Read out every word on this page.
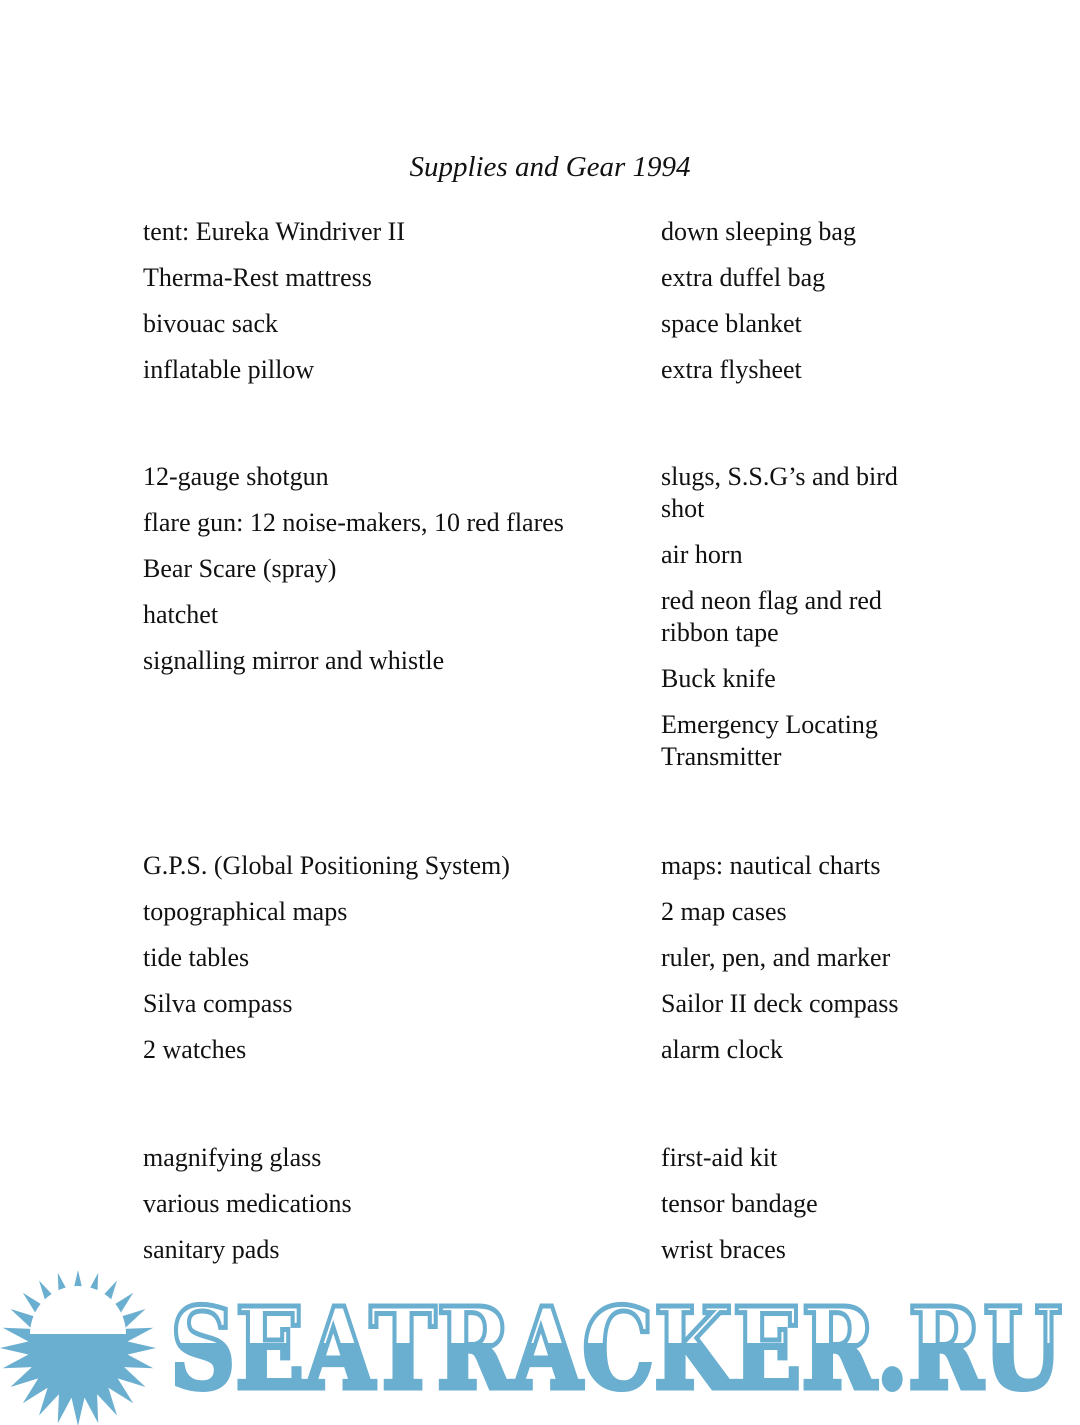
Supplies and Gear 1994
tent: Eureka Windriver II
Therma-Rest mattress
bivouac sack
inflatable pillow
down sleeping bag
extra duffel bag
space blanket
extra flysheet
12-gauge shotgun
flare gun: 12 noise-makers, 10 red flares
Bear Scare (spray)
hatchet
signalling mirror and whistle
slugs, S.S.G’s and bird shot
air horn
red neon flag and red ribbon tape
Buck knife
Emergency Locating Transmitter
G.P.S. (Global Positioning System)
topographical maps
tide tables
Silva compass
2 watches
maps: nautical charts
2 map cases
ruler, pen, and marker
Sailor II deck compass
alarm clock
magnifying glass
various medications
sanitary pads
first-aid kit
tensor bandage
wrist braces
SEATRACKER.RU
